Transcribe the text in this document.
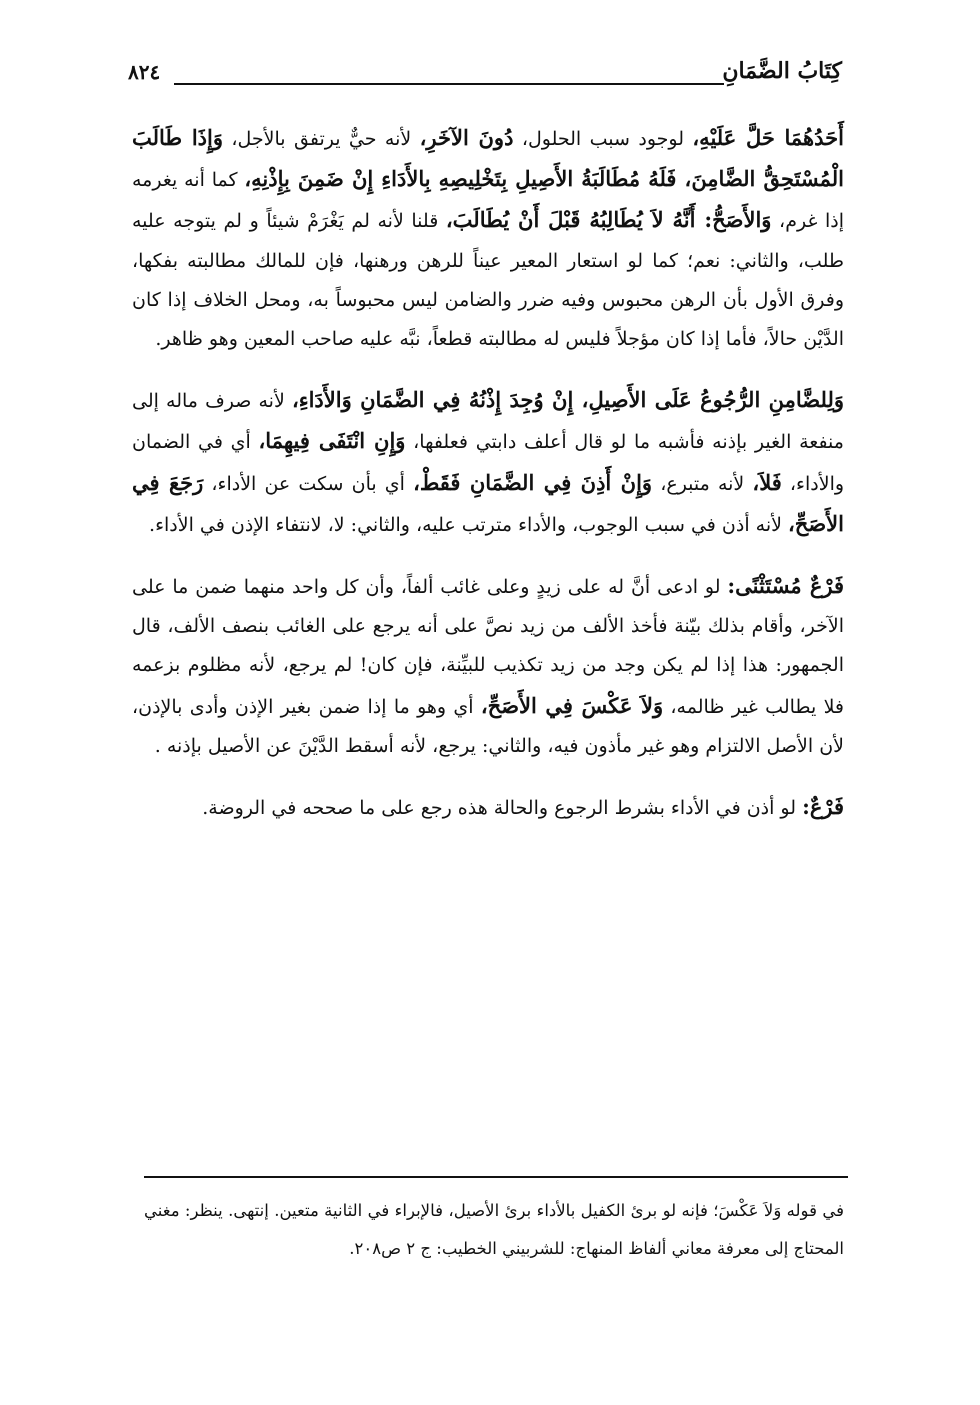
كِتَابُ الضَّمَانِ
٨٢٤

أَحَدُهُمَا حَلَّ عَلَيْهِ، لوجود سبب الحلول، دُونَ الآخَرِ، لأنه حيٌّ يرتفق بالأجل، وَإِذَا طَالَبَ الْمُسْتَحِقُّ الضَّامِنَ، فَلَهُ مُطَالَبَةُ الأَصِيلِ بِتَخْلِيصِهِ بِالأَدَاءِ إِنْ ضَمِنَ بِإِذْنِهِ، كما أنه يغرمه إذا غرم، وَالأَصَحُّ: أَنَّهُ لاَ يُطَالِبُهُ قَبْلَ أَنْ يُطَالَبَ، قلنا لأنه لم يَغْرَمْ شيئاً و لم يتوجه عليه طلب، والثاني: نعم؛ كما لو استعار المعير عيناً للرهن ورهنها، فإن للمالك مطالبته بفكها، وفرق الأول بأن الرهن محبوس وفيه ضرر والضامن ليس محبوساً به، ومحل الخلاف إذا كان الدَّيْن حالاً، فأما إذا كان مؤجلاً فليس له مطالبته قطعاً، نبَّه عليه صاحب المعين وهو ظاهر.

وَلِلضَّامِنِ الرُّجُوعُ عَلَى الأَصِيلِ، إِنْ وُجِدَ إِذْنُهُ فِي الضَّمَانِ وَالأَدَاءِ، لأنه صرف ماله إلى منفعة الغير بإذنه فأشبه ما لو قال أعلف دابتي فعلفها، وَإِنِ انْتَفَى فِيهِمَا، أي في الضمان والأداء، فَلاَ، لأنه متبرع، وَإِنْ أَذِنَ فِي الضَّمَانِ فَقَطْ، أي بأن سكت عن الأداء، رَجَعَ فِي الأَصَحِّ، لأنه أذن في سبب الوجوب، والأداء مترتب عليه، والثاني: لا، لانتفاء الإذن في الأداء.

فَرْعٌ مُسْتَثْنًى: لو ادعى أنَّ له على زيدٍ وعلى غائب ألفاً، وأن كل واحد منهما ضمن ما على الآخر، وأقام بذلك بيّنة فأخذ الألف من زيد نصَّ على أنه يرجع على الغائب بنصف الألف، قال الجمهور: هذا إذا لم يكن وجد من زيد تكذيب للبيِّنة، فإن كان! لم يرجع، لأنه مظلوم بزعمه فلا يطالب غير ظالمه، وَلاَ عَكْسَ فِي الأَصَحِّ، أي وهو ما إذا ضمن بغير الإذن وأدى بالإذن، لأن الأصل الالتزام وهو غير مأذون فيه، والثاني: يرجع، لأنه أسقط الدَّيْنَ عن الأصيل بإذنه .

فَرْعٌ: لو أذن في الأداء بشرط الرجوع والحالة هذه رجع على ما صححه في الروضة.

في قوله وَلاَ عَكْسَ؛ فإنه لو برئ الكفيل بالأداء برئ الأصيل، فالإبراء في الثانية متعين. إنتهى. ينظر: مغني المحتاج إلى معرفة معاني ألفاظ المنهاج: للشربيني الخطيب: ج ٢ ص٢٠٨.
